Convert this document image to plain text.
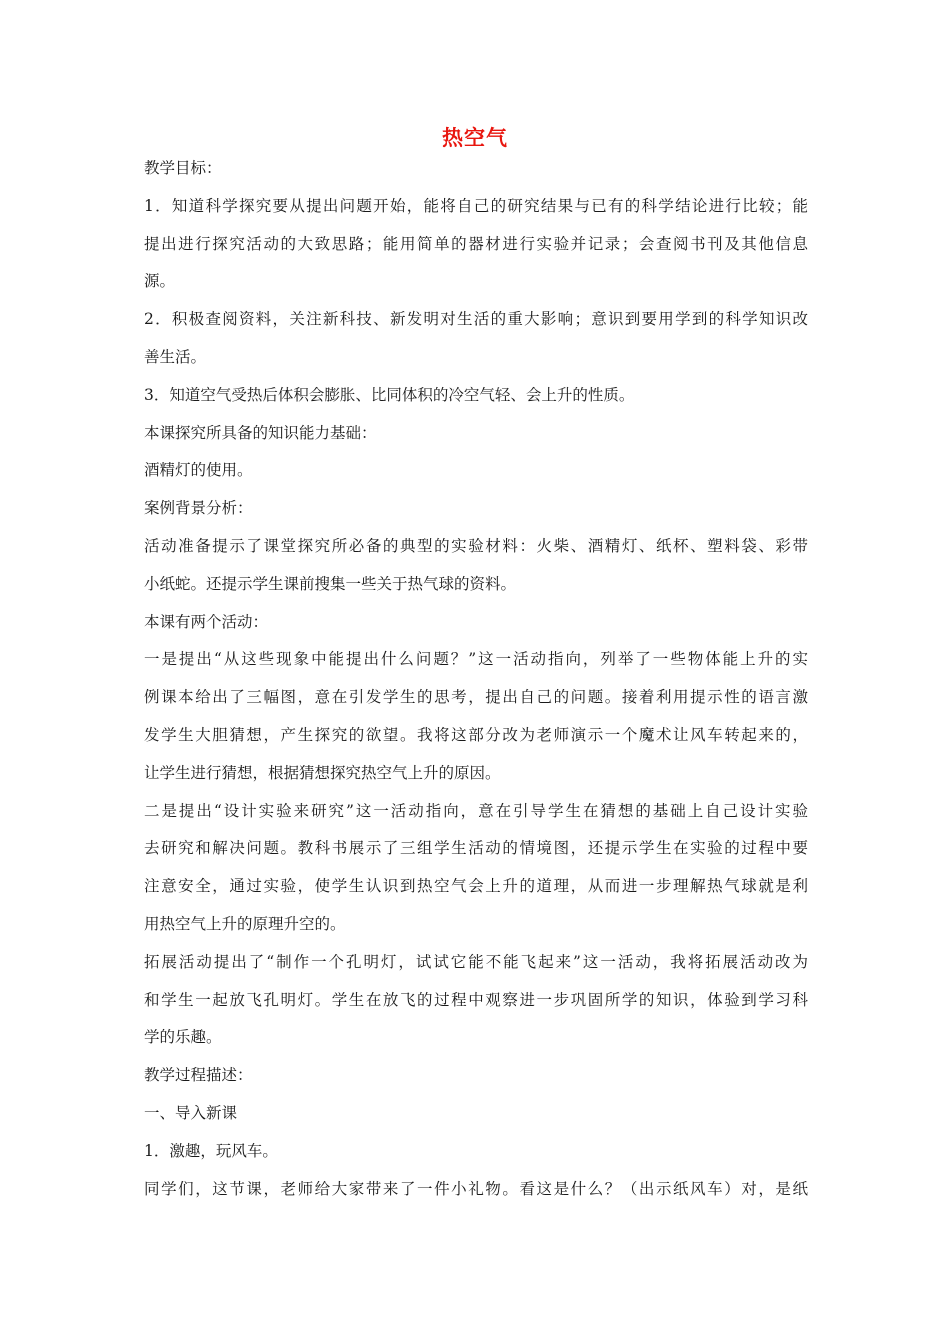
热空气
教学目标：
1．知道科学探究要从提出问题开始，能将自己的研究结果与已有的科学结论进行比较；能
提出进行探究活动的大致思路；能用简单的器材进行实验并记录；会查阅书刊及其他信息
源。
2．积极查阅资料，关注新科技、新发明对生活的重大影响；意识到要用学到的科学知识改
善生活。
3．知道空气受热后体积会膨胀、比同体积的冷空气轻、会上升的性质。
本课探究所具备的知识能力基础：
酒精灯的使用。
案例背景分析：
活动准备提示了课堂探究所必备的典型的实验材料：火柴、酒精灯、纸杯、塑料袋、彩带
小纸蛇。还提示学生课前搜集一些关于热气球的资料。
本课有两个活动：
一是提出“从这些现象中能提出什么问题？”这一活动指向，列举了一些物体能上升的实
例课本给出了三幅图，意在引发学生的思考，提出自己的问题。接着利用提示性的语言激
发学生大胆猜想，产生探究的欲望。我将这部分改为老师演示一个魔术让风车转起来的，
让学生进行猜想，根据猜想探究热空气上升的原因。
二是提出“设计实验来研究”这一活动指向，意在引导学生在猜想的基础上自己设计实验
去研究和解决问题。教科书展示了三组学生活动的情境图，还提示学生在实验的过程中要
注意安全，通过实验，使学生认识到热空气会上升的道理，从而进一步理解热气球就是利
用热空气上升的原理升空的。
拓展活动提出了“制作一个孔明灯，试试它能不能飞起来”这一活动，我将拓展活动改为
和学生一起放飞孔明灯。学生在放飞的过程中观察进一步巩固所学的知识，体验到学习科
学的乐趣。
教学过程描述：
一、导入新课
1．激趣，玩风车。
同学们，这节课，老师给大家带来了一件小礼物。看这是什么？（出示纸风车）对，是纸
